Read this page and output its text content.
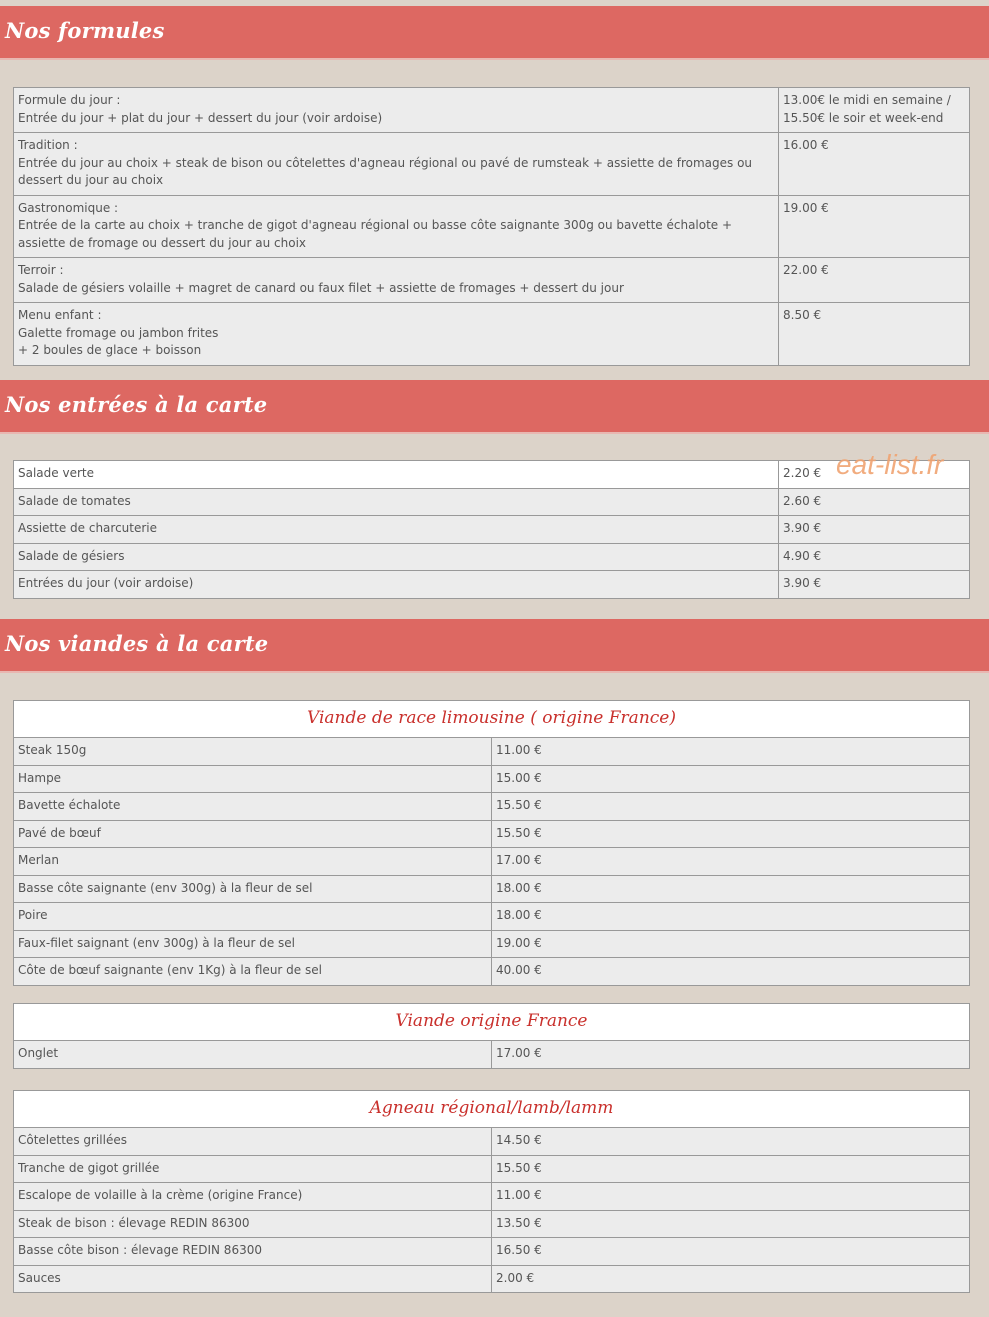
Nos formules
Nos entrées à la carte
Nos viandes à la carte
Formule du jour :
Entrée du jour + plat du jour + dessert du jour (voir ardoise)	13.00€ le midi en semaine /
15.50€ le soir et week-end

Tradition :
Entrée du jour au choix + steak de bison ou côtelettes d'agneau régional ou pavé de rumsteak + assiette de fromages ou dessert du jour au choix	16.00 €

Gastronomique :
Entrée de la carte au choix + tranche de gigot d'agneau régional ou basse côte saignante 300g ou bavette échalote + assiette de fromage ou dessert du jour au choix	19.00 €

Terroir :
Salade de gésiers volaille + magret de canard ou faux filet + assiette de fromages + dessert du jour	22.00 €

Menu enfant :
Galette fromage ou jambon frites
+ 2 boules de glace + boisson	8.50 €
Salade verte	2.20 €
Salade de tomates	2.60 €
Assiette de charcuterie	3.90 €
Salade de gésiers	4.90 €
Entrées du jour (voir ardoise)	3.90 €
eat-list.fr
Viande de race limousine ( origine France)	
Steak 150g	11.00 €
Hampe	15.00 €
Bavette échalote	15.50 €
Pavé de bœuf	15.50 €
Merlan	17.00 €
Basse côte saignante (env 300g) à la fleur de sel	18.00 €
Poire	18.00 €
Faux-filet saignant (env 300g) à la fleur de sel	19.00 €
Côte de bœuf saignante (env 1Kg) à la fleur de sel	40.00 €
Viande origine France
Onglet	17.00 €
Agneau régional/lamb/lamm	
Côtelettes grillées	14.50 €
Tranche de gigot grillée	15.50 €
Escalope de volaille à la crème (origine France)	11.00 €
Steak de bison : élevage REDIN 86300	13.50 €
Basse côte bison : élevage REDIN 86300	16.50 €
Sauces	2.00 €
